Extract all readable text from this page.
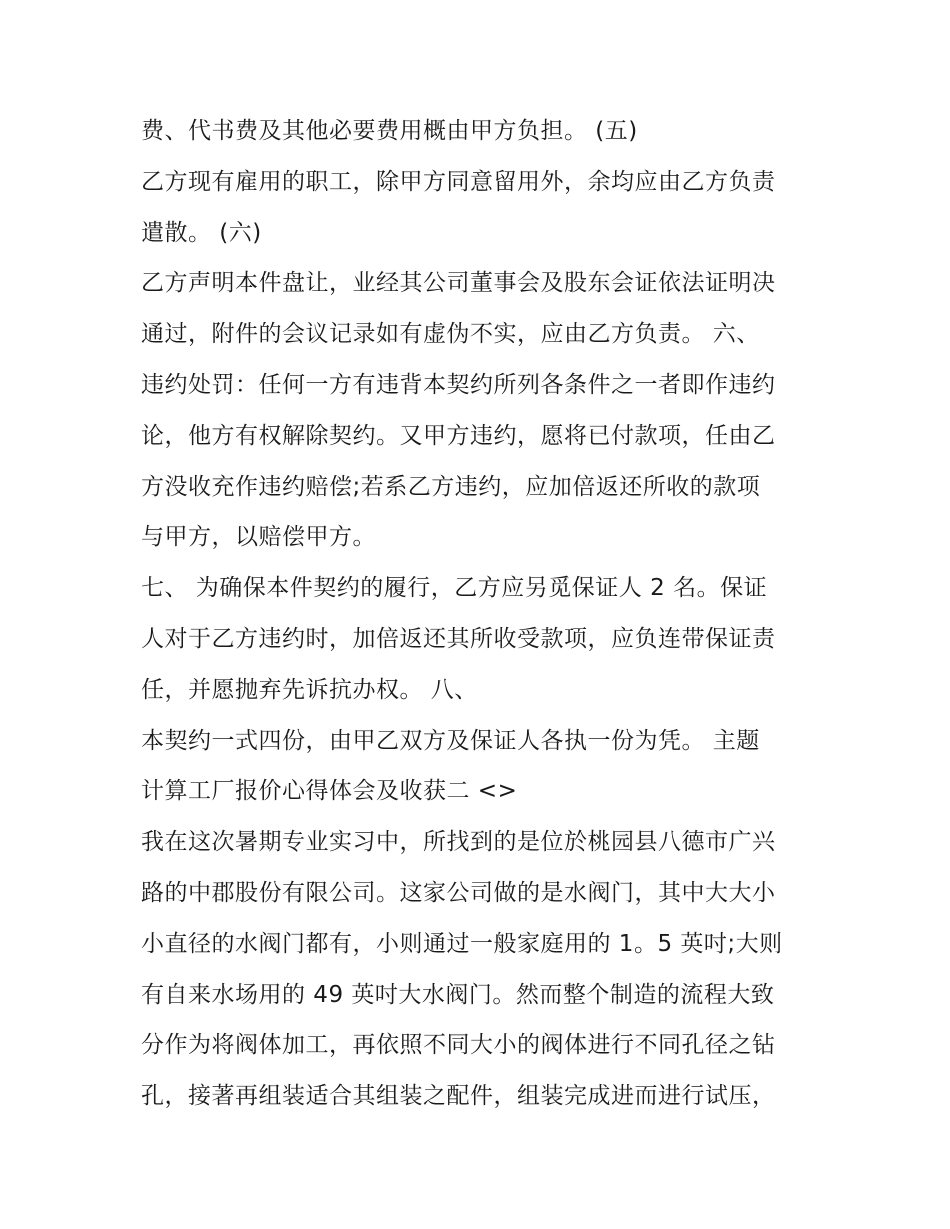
费、代书费及其他必要费用概由甲方负担。 (五)
乙方现有雇用的职工，除甲方同意留用外，余均应由乙方负责
遣散。 (六)
乙方声明本件盘让，业经其公司董事会及股东会证依法证明决
通过，附件的会议记录如有虚伪不实，应由乙方负责。 六、
违约处罚：任何一方有违背本契约所列各条件之一者即作违约
论，他方有权解除契约。又甲方违约，愿将已付款项，任由乙
方没收充作违约赔偿;若系乙方违约，应加倍返还所收的款项
与甲方，以赔偿甲方。
七、 为确保本件契约的履行，乙方应另觅保证人 2 名。保证
人对于乙方违约时，加倍返还其所收受款项，应负连带保证责
任，并愿抛弃先诉抗办权。 八、
本契约一式四份，由甲乙双方及保证人各执一份为凭。 主题
计算工厂报价心得体会及收获二 <>
我在这次暑期专业实习中，所找到的是位於桃园县八德市广兴
路的中郡股份有限公司。这家公司做的是水阀门，其中大大小
小直径的水阀门都有，小则通过一般家庭用的 1。5 英吋;大则
有自来水场用的 49 英吋大水阀门。然而整个制造的流程大致
分作为将阀体加工，再依照不同大小的阀体进行不同孔径之钻
孔，接著再组装适合其组装之配件，组装完成进而进行试压，
